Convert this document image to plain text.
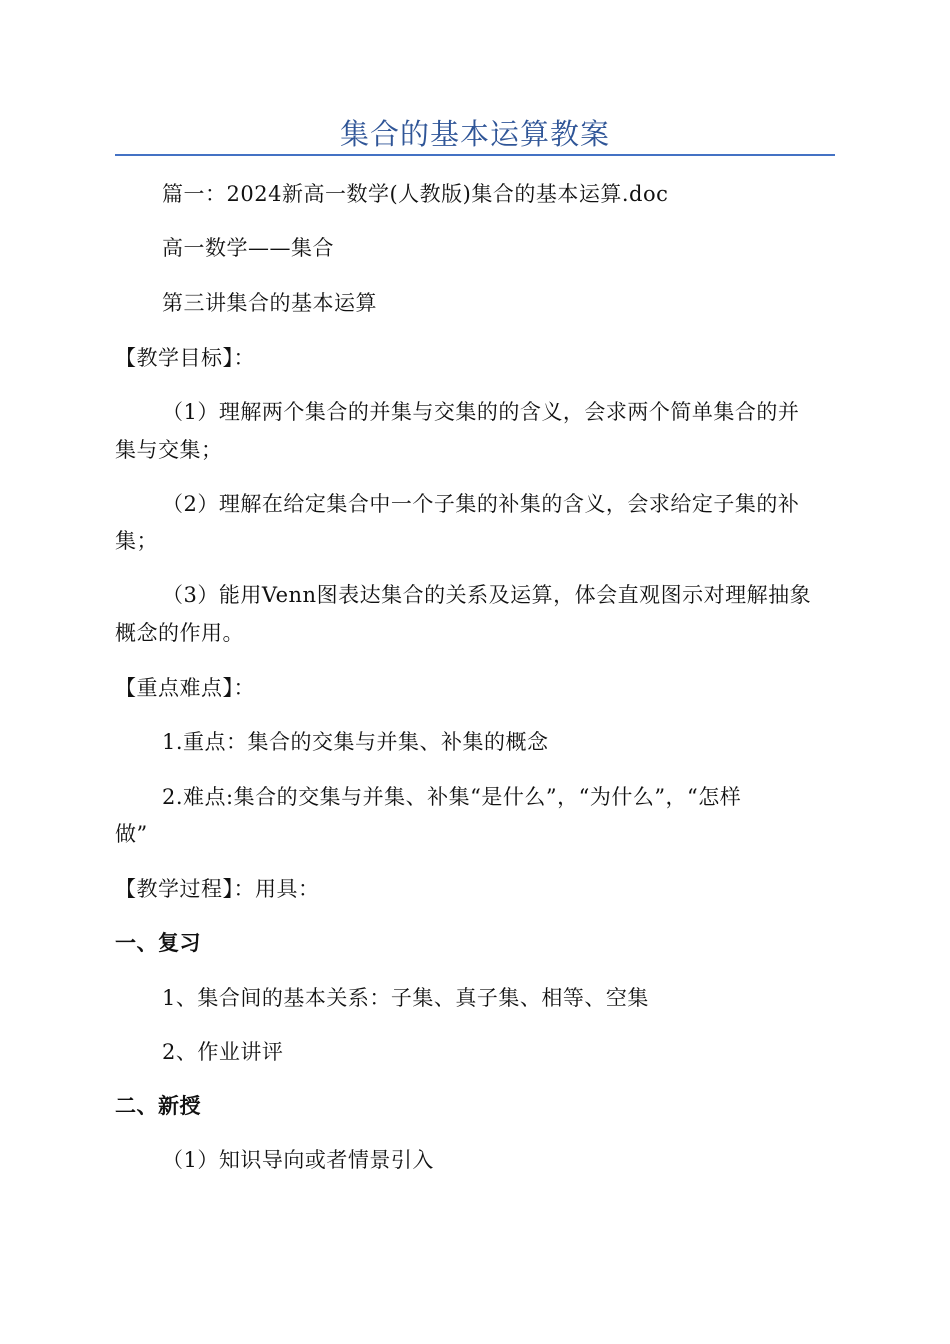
集合的基本运算教案
篇一：2024新高一数学(人教版)集合的基本运算.doc
高一数学——集合
第三讲集合的基本运算
【教学目标】：
（1）理解两个集合的并集与交集的的含义，会求两个简单集合的并
集与交集；
（2）理解在给定集合中一个子集的补集的含义，会求给定子集的补
集；
（3）能用Venn图表达集合的关系及运算，体会直观图示对理解抽象
概念的作用。
【重点难点】：
1.重点：集合的交集与并集、补集的概念
2.难点:集合的交集与并集、补集“是什么”，“为什么”，“怎样
做”
【教学过程】：用具：
一、复习
1、集合间的基本关系：子集、真子集、相等、空集
2、作业讲评
二、新授
（1）知识导向或者情景引入
